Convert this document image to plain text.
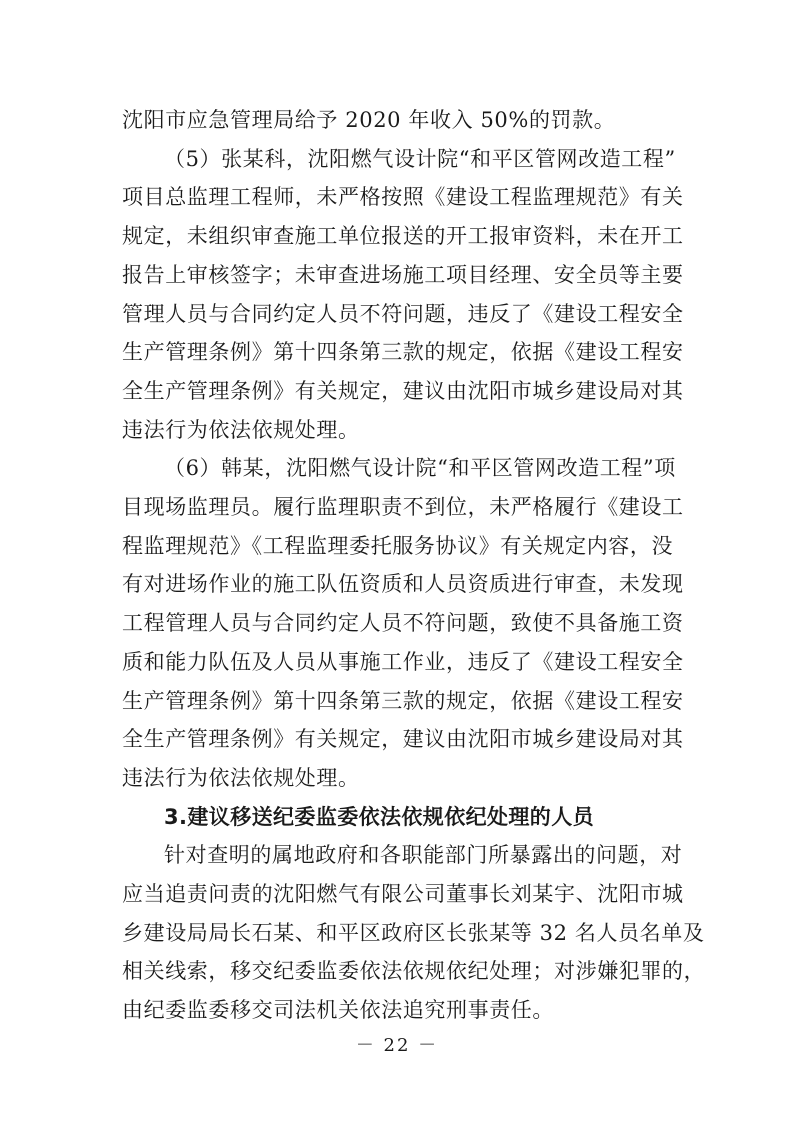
沈阳市应急管理局给予 2020 年收入 50%的罚款。
（5）张某科，沈阳燃气设计院“和平区管网改造工程”
项目总监理工程师，未严格按照《建设工程监理规范》有关
规定，未组织审查施工单位报送的开工报审资料，未在开工
报告上审核签字；未审查进场施工项目经理、安全员等主要
管理人员与合同约定人员不符问题，违反了《建设工程安全
生产管理条例》第十四条第三款的规定，依据《建设工程安
全生产管理条例》有关规定，建议由沈阳市城乡建设局对其
违法行为依法依规处理。
（6）韩某，沈阳燃气设计院“和平区管网改造工程”项
目现场监理员。履行监理职责不到位，未严格履行《建设工
程监理规范》《工程监理委托服务协议》有关规定内容，没
有对进场作业的施工队伍资质和人员资质进行审查，未发现
工程管理人员与合同约定人员不符问题，致使不具备施工资
质和能力队伍及人员从事施工作业，违反了《建设工程安全
生产管理条例》第十四条第三款的规定，依据《建设工程安
全生产管理条例》有关规定，建议由沈阳市城乡建设局对其
违法行为依法依规处理。
3.建议移送纪委监委依法依规依纪处理的人员
针对查明的属地政府和各职能部门所暴露出的问题，对
应当追责问责的沈阳燃气有限公司董事长刘某宇、沈阳市城
乡建设局局长石某、和平区政府区长张某等 32 名人员名单及
相关线索，移交纪委监委依法依规依纪处理；对涉嫌犯罪的，
由纪委监委移交司法机关依法追究刑事责任。
－ 22 －
